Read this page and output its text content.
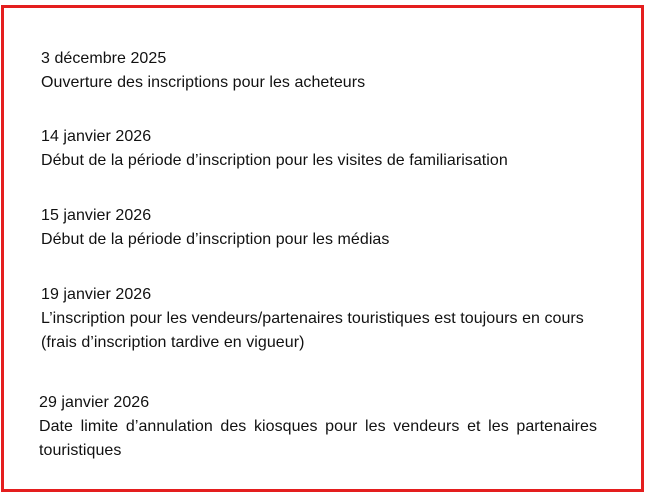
3 décembre 2025
Ouverture des inscriptions pour les acheteurs
14 janvier 2026
Début de la période d’inscription pour les visites de familiarisation
15 janvier 2026
Début de la période d’inscription pour les médias
19 janvier 2026
L’inscription pour les vendeurs/partenaires touristiques est toujours en cours (frais d’inscription tardive en vigueur)
29 janvier 2026
Date limite d’annulation des kiosques pour les vendeurs et les partenaires touristiques
